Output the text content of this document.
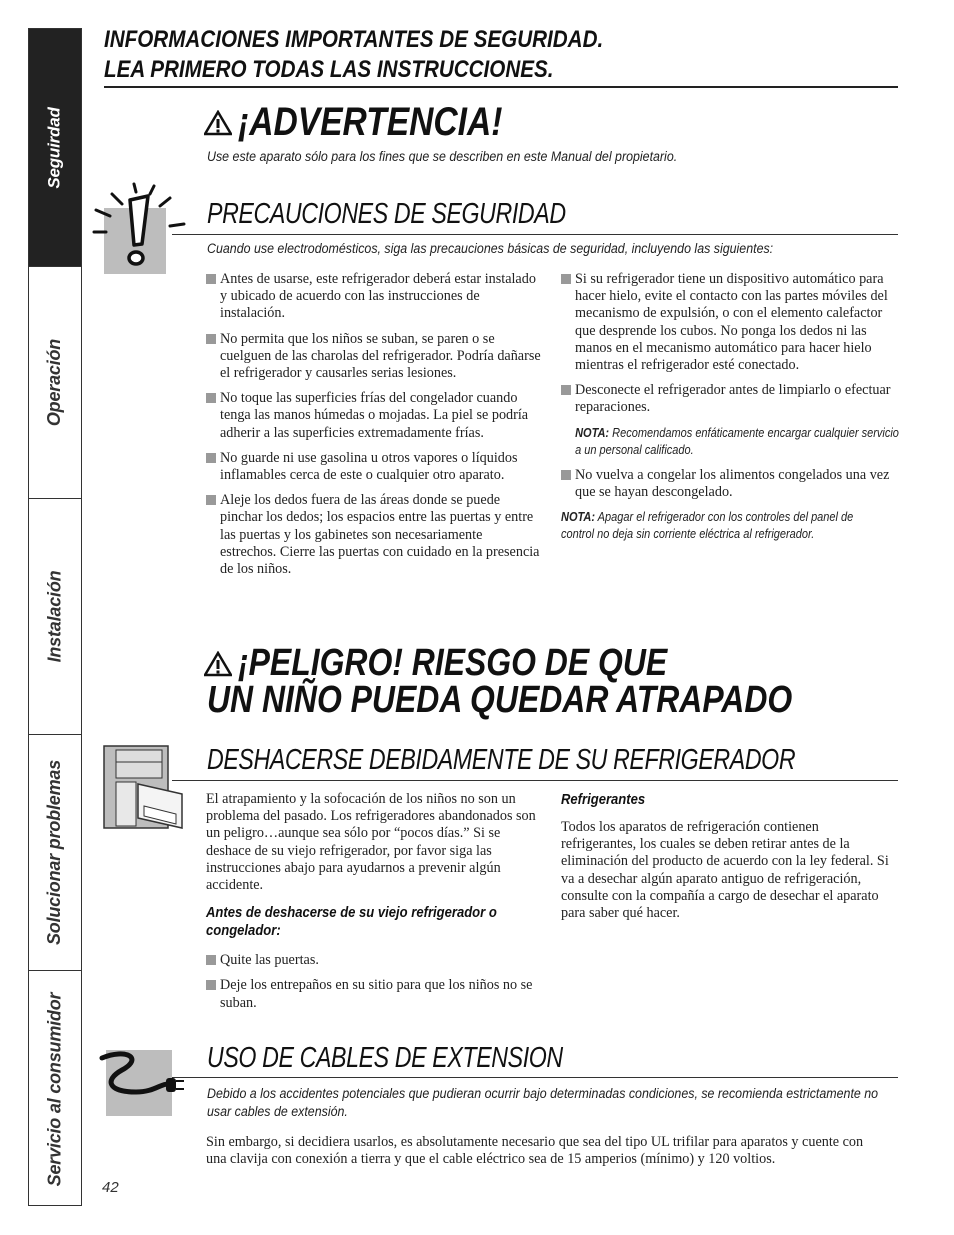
Seguirdad
Operación
Instalación
Solucionar problemas
Servicio al consumidor
INFORMACIONES IMPORTANTES DE SEGURIDAD.
LEA PRIMERO TODAS LAS INSTRUCCIONES.
¡ADVERTENCIA!
Use este aparato sólo para los fines que se describen en este Manual del propietario.
PRECAUCIONES DE SEGURIDAD
Cuando use electrodomésticos, siga las precauciones básicas de seguridad, incluyendo las siguientes:
Antes de usarse, este refrigerador deberá estar instalado y ubicado de acuerdo con las instrucciones de instalación.
No permita que los niños se suban, se paren o se cuelguen de las charolas del refrigerador. Podría dañarse el refrigerador y causarles serias lesiones.
No toque las superficies frías del congelador cuando tenga las manos húmedas o mojadas. La piel se podría adherir a las superficies extremadamente frías.
No guarde ni use gasolina u otros vapores o líquidos inflamables cerca de este o cualquier otro aparato.
Aleje los dedos fuera de las áreas donde se puede pinchar los dedos; los espacios entre las puertas y entre las puertas y los gabinetes son necesariamente estrechos. Cierre las puertas con cuidado en la presencia de los niños.
Si su refrigerador tiene un dispositivo automático para hacer hielo, evite el contacto con las partes móviles del mecanismo de expulsión, o con el elemento calefactor que desprende los cubos. No ponga los dedos ni las manos en el mecanismo automático para hacer hielo mientras el refrigerador esté conectado.
Desconecte el refrigerador antes de limpiarlo o efectuar reparaciones.
NOTA: Recomendamos enfáticamente encargar cualquier servicio a un personal calificado.
No vuelva a congelar los alimentos congelados una vez que se hayan descongelado.
NOTA: Apagar el refrigerador con los controles del panel de control no deja sin corriente eléctrica al refrigerador.
¡PELIGRO! RIESGO DE QUE
UN NIÑO PUEDA QUEDAR ATRAPADO
DESHACERSE DEBIDAMENTE DE SU REFRIGERADOR
El atrapamiento y la sofocación de los niños no son un problema del pasado. Los refrigeradores abandonados son un peligro…aunque sea sólo por “pocos días.” Si se deshace de su viejo refrigerador, por favor siga las instrucciones abajo para ayudarnos a prevenir algún accidente.
Antes de deshacerse de su viejo refrigerador o congelador:
Quite las puertas.
Deje los entrepaños en su sitio para que los niños no se suban.
Refrigerantes
Todos los aparatos de refrigeración contienen refrigerantes, los cuales se deben retirar antes de la eliminación del producto de acuerdo con la ley federal. Si va a desechar algún aparato antiguo de refrigeración, consulte con la compañía a cargo de desechar el aparato para saber qué hacer.
USO DE CABLES DE EXTENSION
Debido a los accidentes potenciales que pudieran ocurrir bajo determinadas condiciones, se recomienda estrictamente no usar cables de extensión.
Sin embargo, si decidiera usarlos, es absolutamente necesario que sea del tipo UL trifilar para aparatos y cuente con una clavija con conexión a tierra y que el cable eléctrico sea de 15 amperios (mínimo) y 120 voltios.
42
